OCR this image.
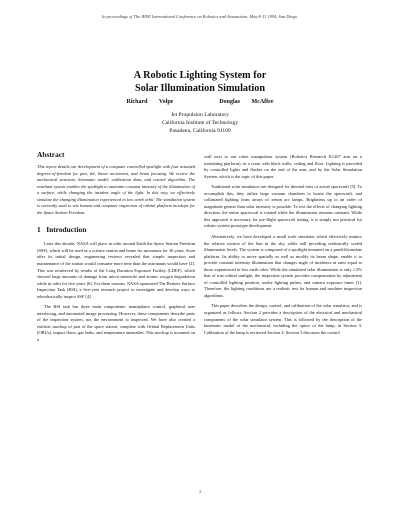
In proceedings of The IEEE International Conference on Robotics and Automation, May 8-13 1994, San Diego.
A Robotic Lighting System for
Solar Illumination Simulation
Richard Volpe    Douglas McAffee
Jet Propulsion Laboratory
California Institute of Technology
Pasadena, California 91109
Abstract

This report details our development of a computer controlled spotlight with four actuated degrees-of-freedom for pan, tilt, linear movement, and beam focusing. We review the mechanical structure, kinematic model, calibration data, and control algorithm. The resultant system enables the spotlight to maintain constant intensity of the illumination of a surface, while changing the incident angle of the light. In this way, we effectively simulate the changing illumination experienced in low earth orbit. The simulation system is currently used to test human and computer inspection of orbital platform mockups for the Space Station Freedom.

1   Introduction

Later this decade, NASA will place in orbit around Earth the Space Station Freedom (SSF), which will be used as a science station and home for astronauts for 30 years. Soon after its initial design, engineering reviews revealed that simple inspection and maintenance of the station would consume more time than the astronauts would have [2]. This was reinforced by results of the Long Duration Exposure Facility (LDEF), which showed large amounts of damage from micro-meteorite and atomic oxygen degradation while in orbit for five years [6]. For these reasons, NASA sponsored The Remote Surface Inspection Task (RSI), a five-year research project to investigate and develop ways to telerobotically inspect SSF [4].

The RSI task has three main components: manipulator control, graphical user interfacing, and automated image processing. However, these components describe parts of the inspection system, not the environment to inspected. We have also created a realistic mockup of part of the space station, complete with Orbital Replacement Units (ORUs), impact flaws, gas leaks, and temperature anomalies. This mockup is mounted on a

wall next to our robot manipulator system (Robotics Research K1207 arm on a translating platform), in a room with black walls, ceiling and floor. Lighting is provided by controlled lights and flashes on the end of the arm, and by the Solar Simulation System, which is the topic of this paper.

Traditional solar simulators are designed for thermal tests of actual spacecraft [5]. To accomplish this, they utilize large vacuum chambers to house the spacecraft, and collimated lighting from arrays of xenon arc lamps. Brightness up to an order of magnitude greater than solar intensity is possible. To test the effects of changing lighting direction, the entire spacecraft is rotated while the illumination remains constant. While this approach is necessary for pre-flight spacecraft testing, it is simply not practical for robotic system prototype development.

Alternatively, we have developed a small scale simulator which effectively mimics the relative motion of the Sun in the sky, while still providing realistically scaled illumination levels. The system is composed of a spotlight mounted on a pan/tilt/translate platform. Its ability to move spatially as well as modify its beam shape, enable it to provide constant intensity illumination that changes angle of incidence at rates equal to those experienced in low earth orbit. While the simulated solar illumination is only 1.5% that of true orbital sunlight, the inspection system provides compensation by adjustment of controlled lighting position, strobe lighting pulses, and camera exposure times [1]. Therefore, the lighting conditions are a realistic test for human and machine inspection algorithms.

This paper describes the design, control, and calibration of the solar simulator, and is organized as follows. Section 2 provides a description of the electrical and mechanical components of the solar simulator system. This is followed by the description of the kinematic model of the mechanical, including the optics of the lamp, in Section 3. Calibration of the lamp is reviewed Section 4. Section 5 discusses the control

1
